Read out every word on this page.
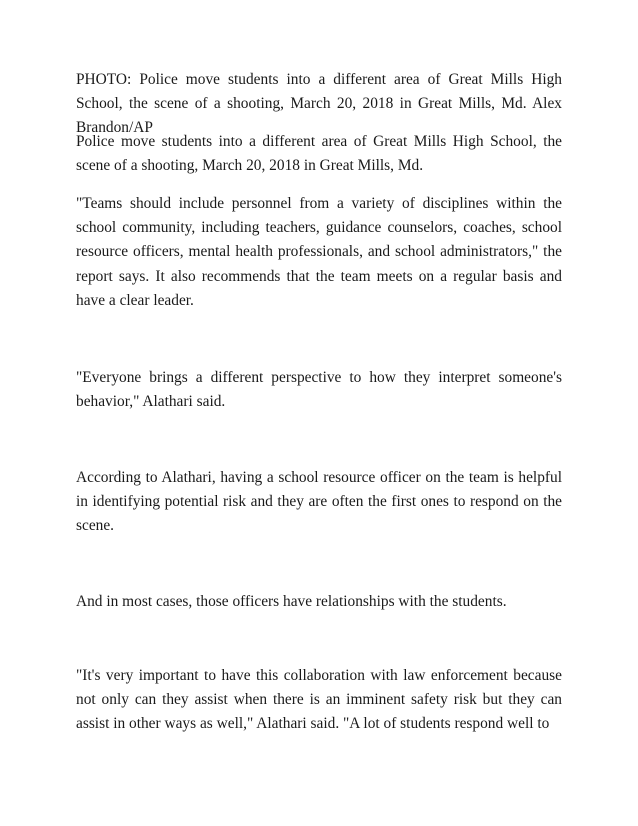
PHOTO: Police move students into a different area of Great Mills High School, the scene of a shooting, March 20, 2018 in Great Mills, Md. Alex Brandon/AP

Police move students into a different area of Great Mills High School, the scene of a shooting, March 20, 2018 in Great Mills, Md.

"Teams should include personnel from a variety of disciplines within the school community, including teachers, guidance counselors, coaches, school resource officers, mental health professionals, and school administrators," the report says. It also recommends that the team meets on a regular basis and have a clear leader.

"Everyone brings a different perspective to how they interpret someone's behavior," Alathari said.

According to Alathari, having a school resource officer on the team is helpful in identifying potential risk and they are often the first ones to respond on the scene.

And in most cases, those officers have relationships with the students.

"It's very important to have this collaboration with law enforcement because not only can they assist when there is an imminent safety risk but they can assist in other ways as well," Alathari said. "A lot of students respond well to
